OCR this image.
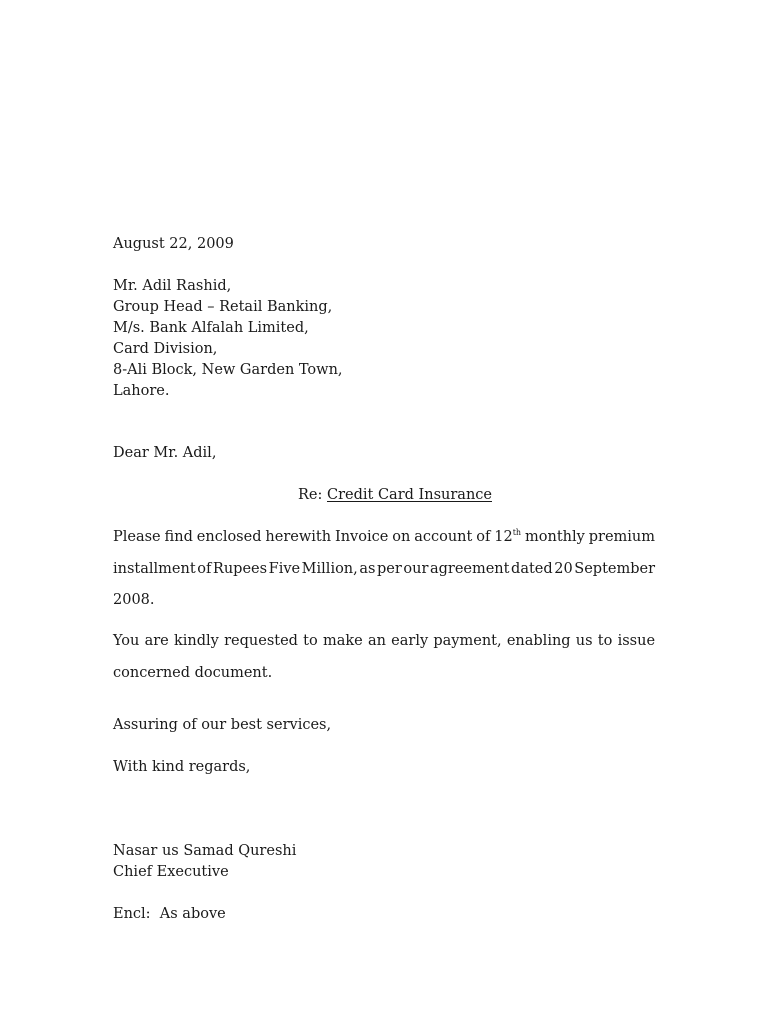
August 22, 2009
Mr. Adil Rashid,
Group Head – Retail Banking,
M/s. Bank Alfalah Limited,
Card Division,
8-Ali Block, New Garden Town,
Lahore.
Dear Mr. Adil,
Re: Credit Card Insurance
Please find enclosed herewith Invoice on account of 12th monthly premium
installment of Rupees Five Million, as per our agreement dated 20 September
2008.
You are kindly requested to make an early payment, enabling us to issue
concerned document.
Assuring of our best services,
With kind regards,
Nasar us Samad Qureshi
Chief Executive
Encl:  As above
